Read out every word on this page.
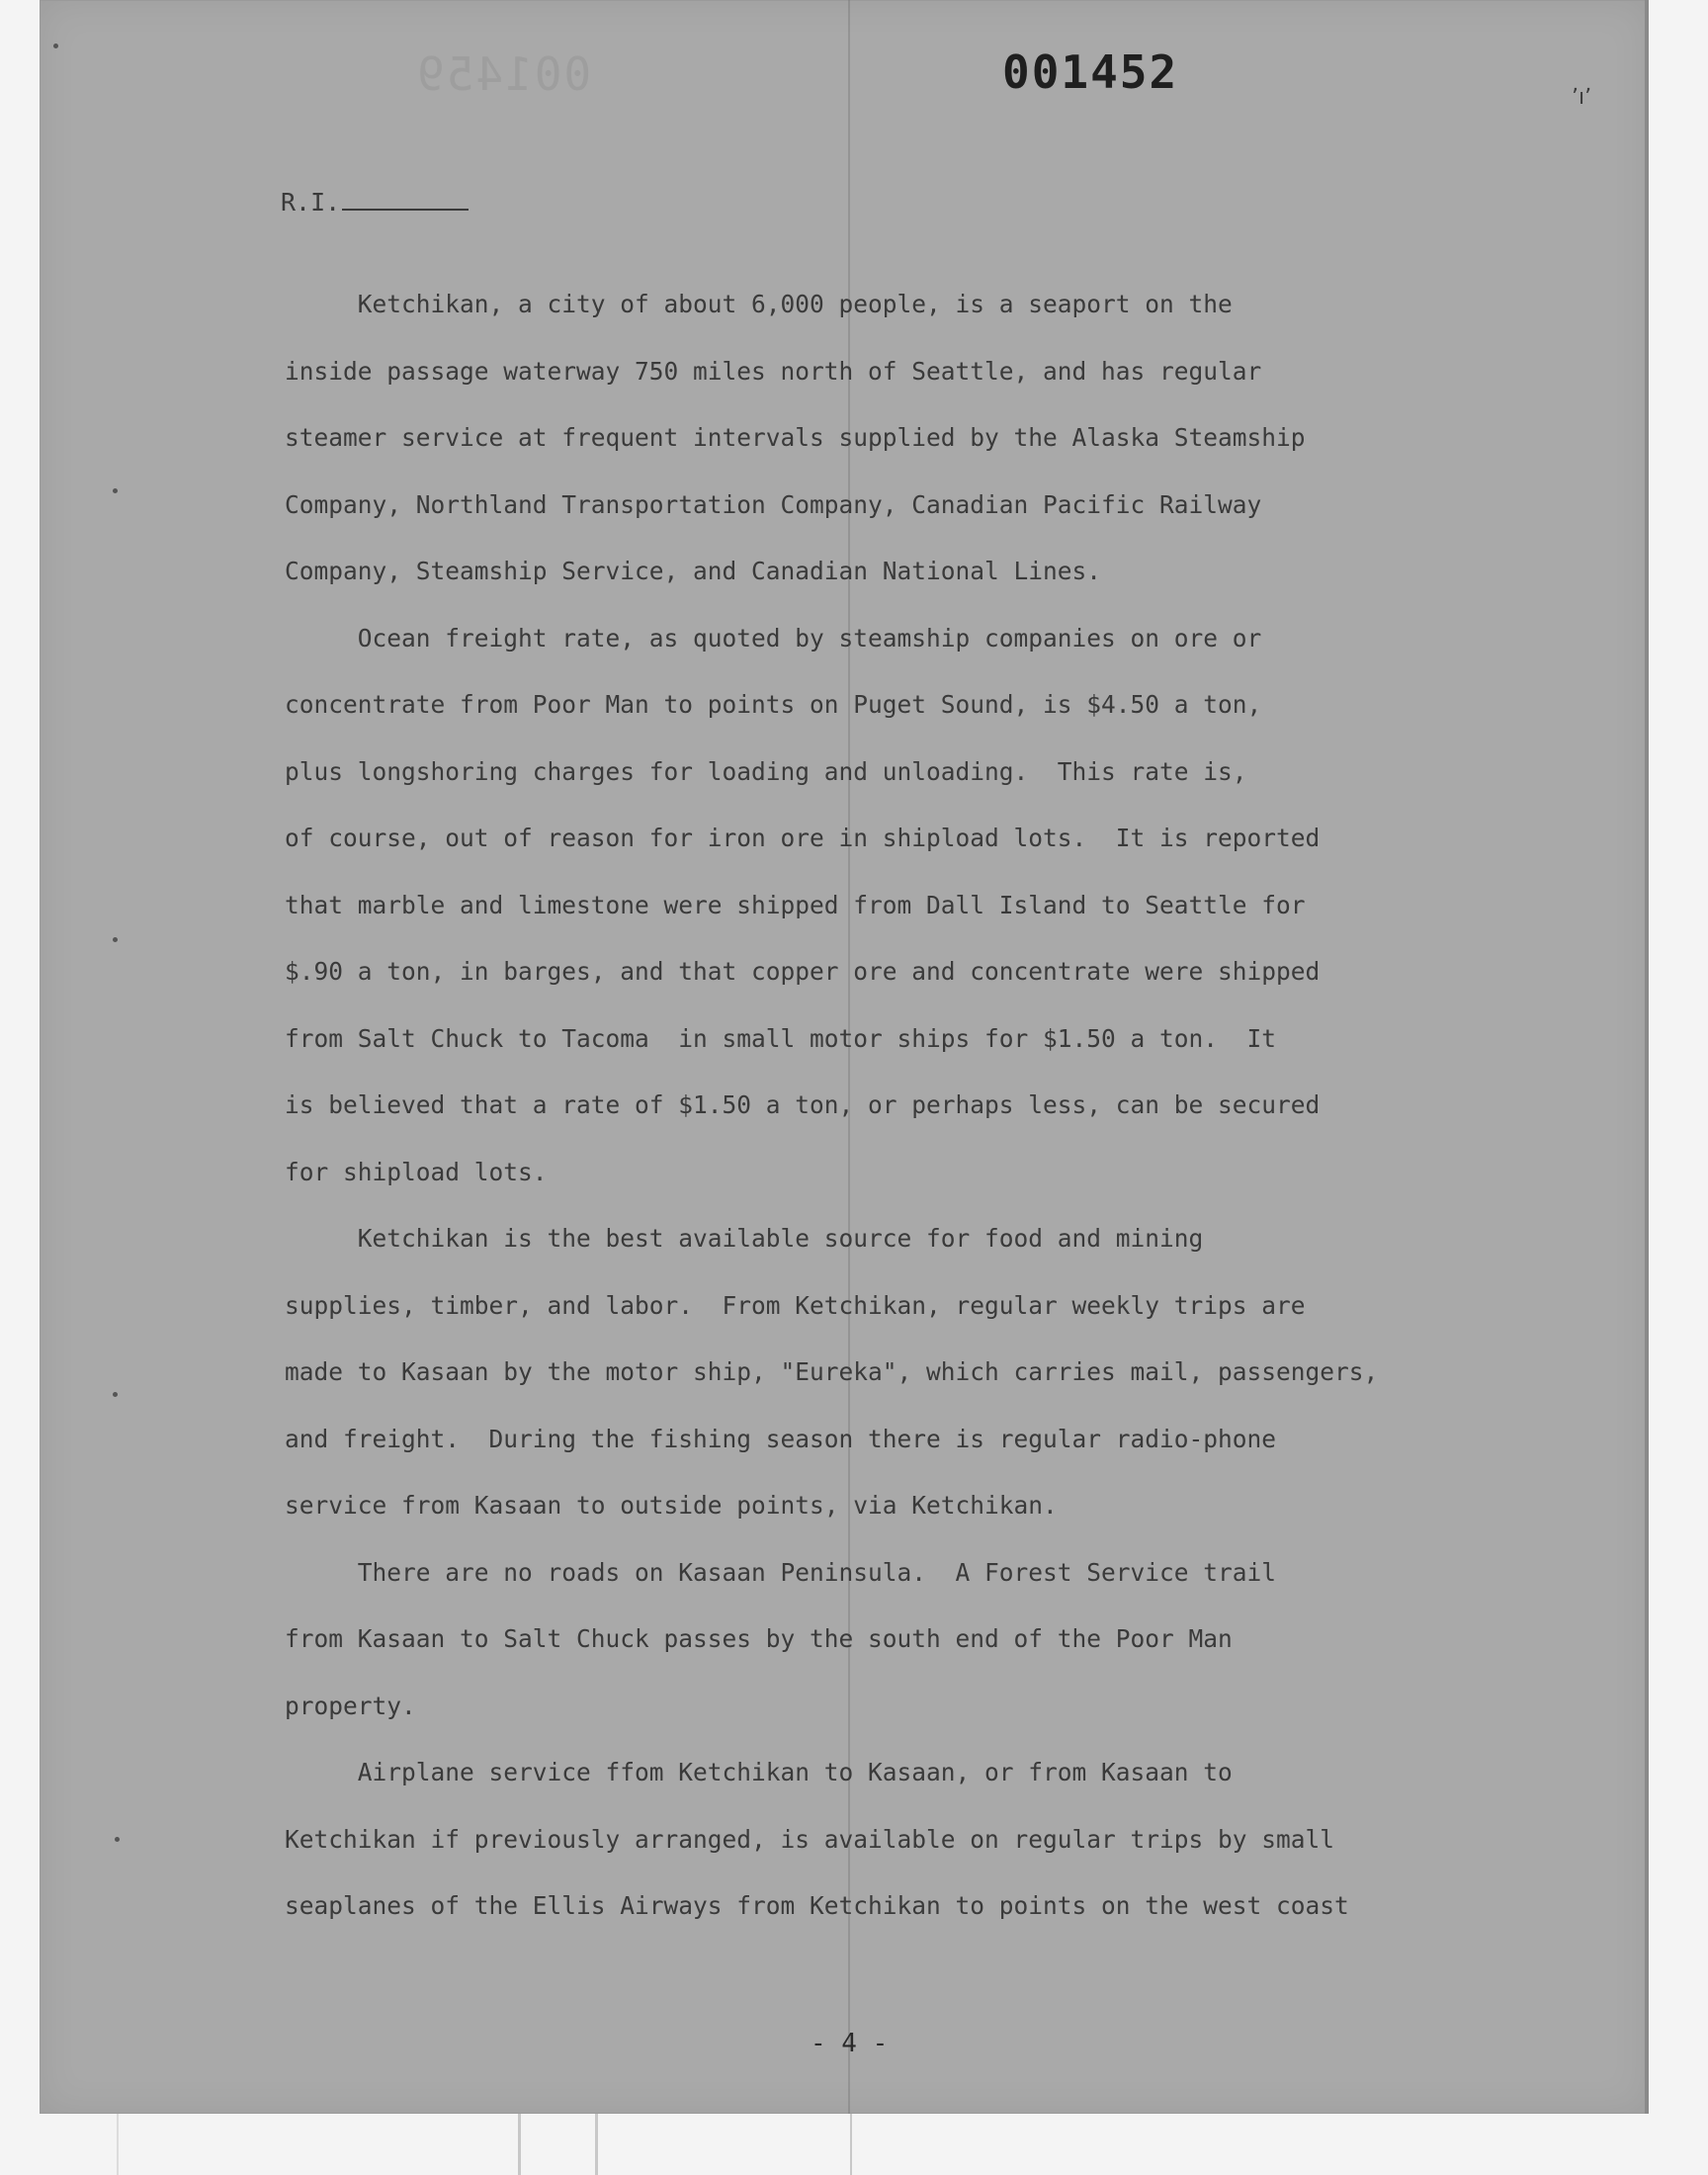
001459	001452	ʼıʼ
R.I.
Ketchikan, a city of about 6,000 people, is a seaport on the
inside passage waterway 750 miles north of Seattle, and has regular
steamer service at frequent intervals supplied by the Alaska Steamship
Company, Northland Transportation Company, Canadian Pacific Railway
Company, Steamship Service, and Canadian National Lines.
Ocean freight rate, as quoted by steamship companies on ore or
concentrate from Poor Man to points on Puget Sound, is $4.50 a ton,
plus longshoring charges for loading and unloading.  This rate is,
of course, out of reason for iron ore in shipload lots.  It is reported
that marble and limestone were shipped from Dall Island to Seattle for
$.90 a ton, in barges, and that copper ore and concentrate were shipped
from Salt Chuck to Tacoma  in small motor ships for $1.50 a ton.  It
is believed that a rate of $1.50 a ton, or perhaps less, can be secured
for shipload lots.
Ketchikan is the best available source for food and mining
supplies, timber, and labor.  From Ketchikan, regular weekly trips are
made to Kasaan by the motor ship, "Eureka", which carries mail, passengers,
and freight.  During the fishing season there is regular radio-phone
service from Kasaan to outside points, via Ketchikan.
There are no roads on Kasaan Peninsula.  A Forest Service trail
from Kasaan to Salt Chuck passes by the south end of the Poor Man
property.
Airplane service ffom Ketchikan to Kasaan, or from Kasaan to
Ketchikan if previously arranged, is available on regular trips by small
seaplanes of the Ellis Airways from Ketchikan to points on the west coast
- 4 -
